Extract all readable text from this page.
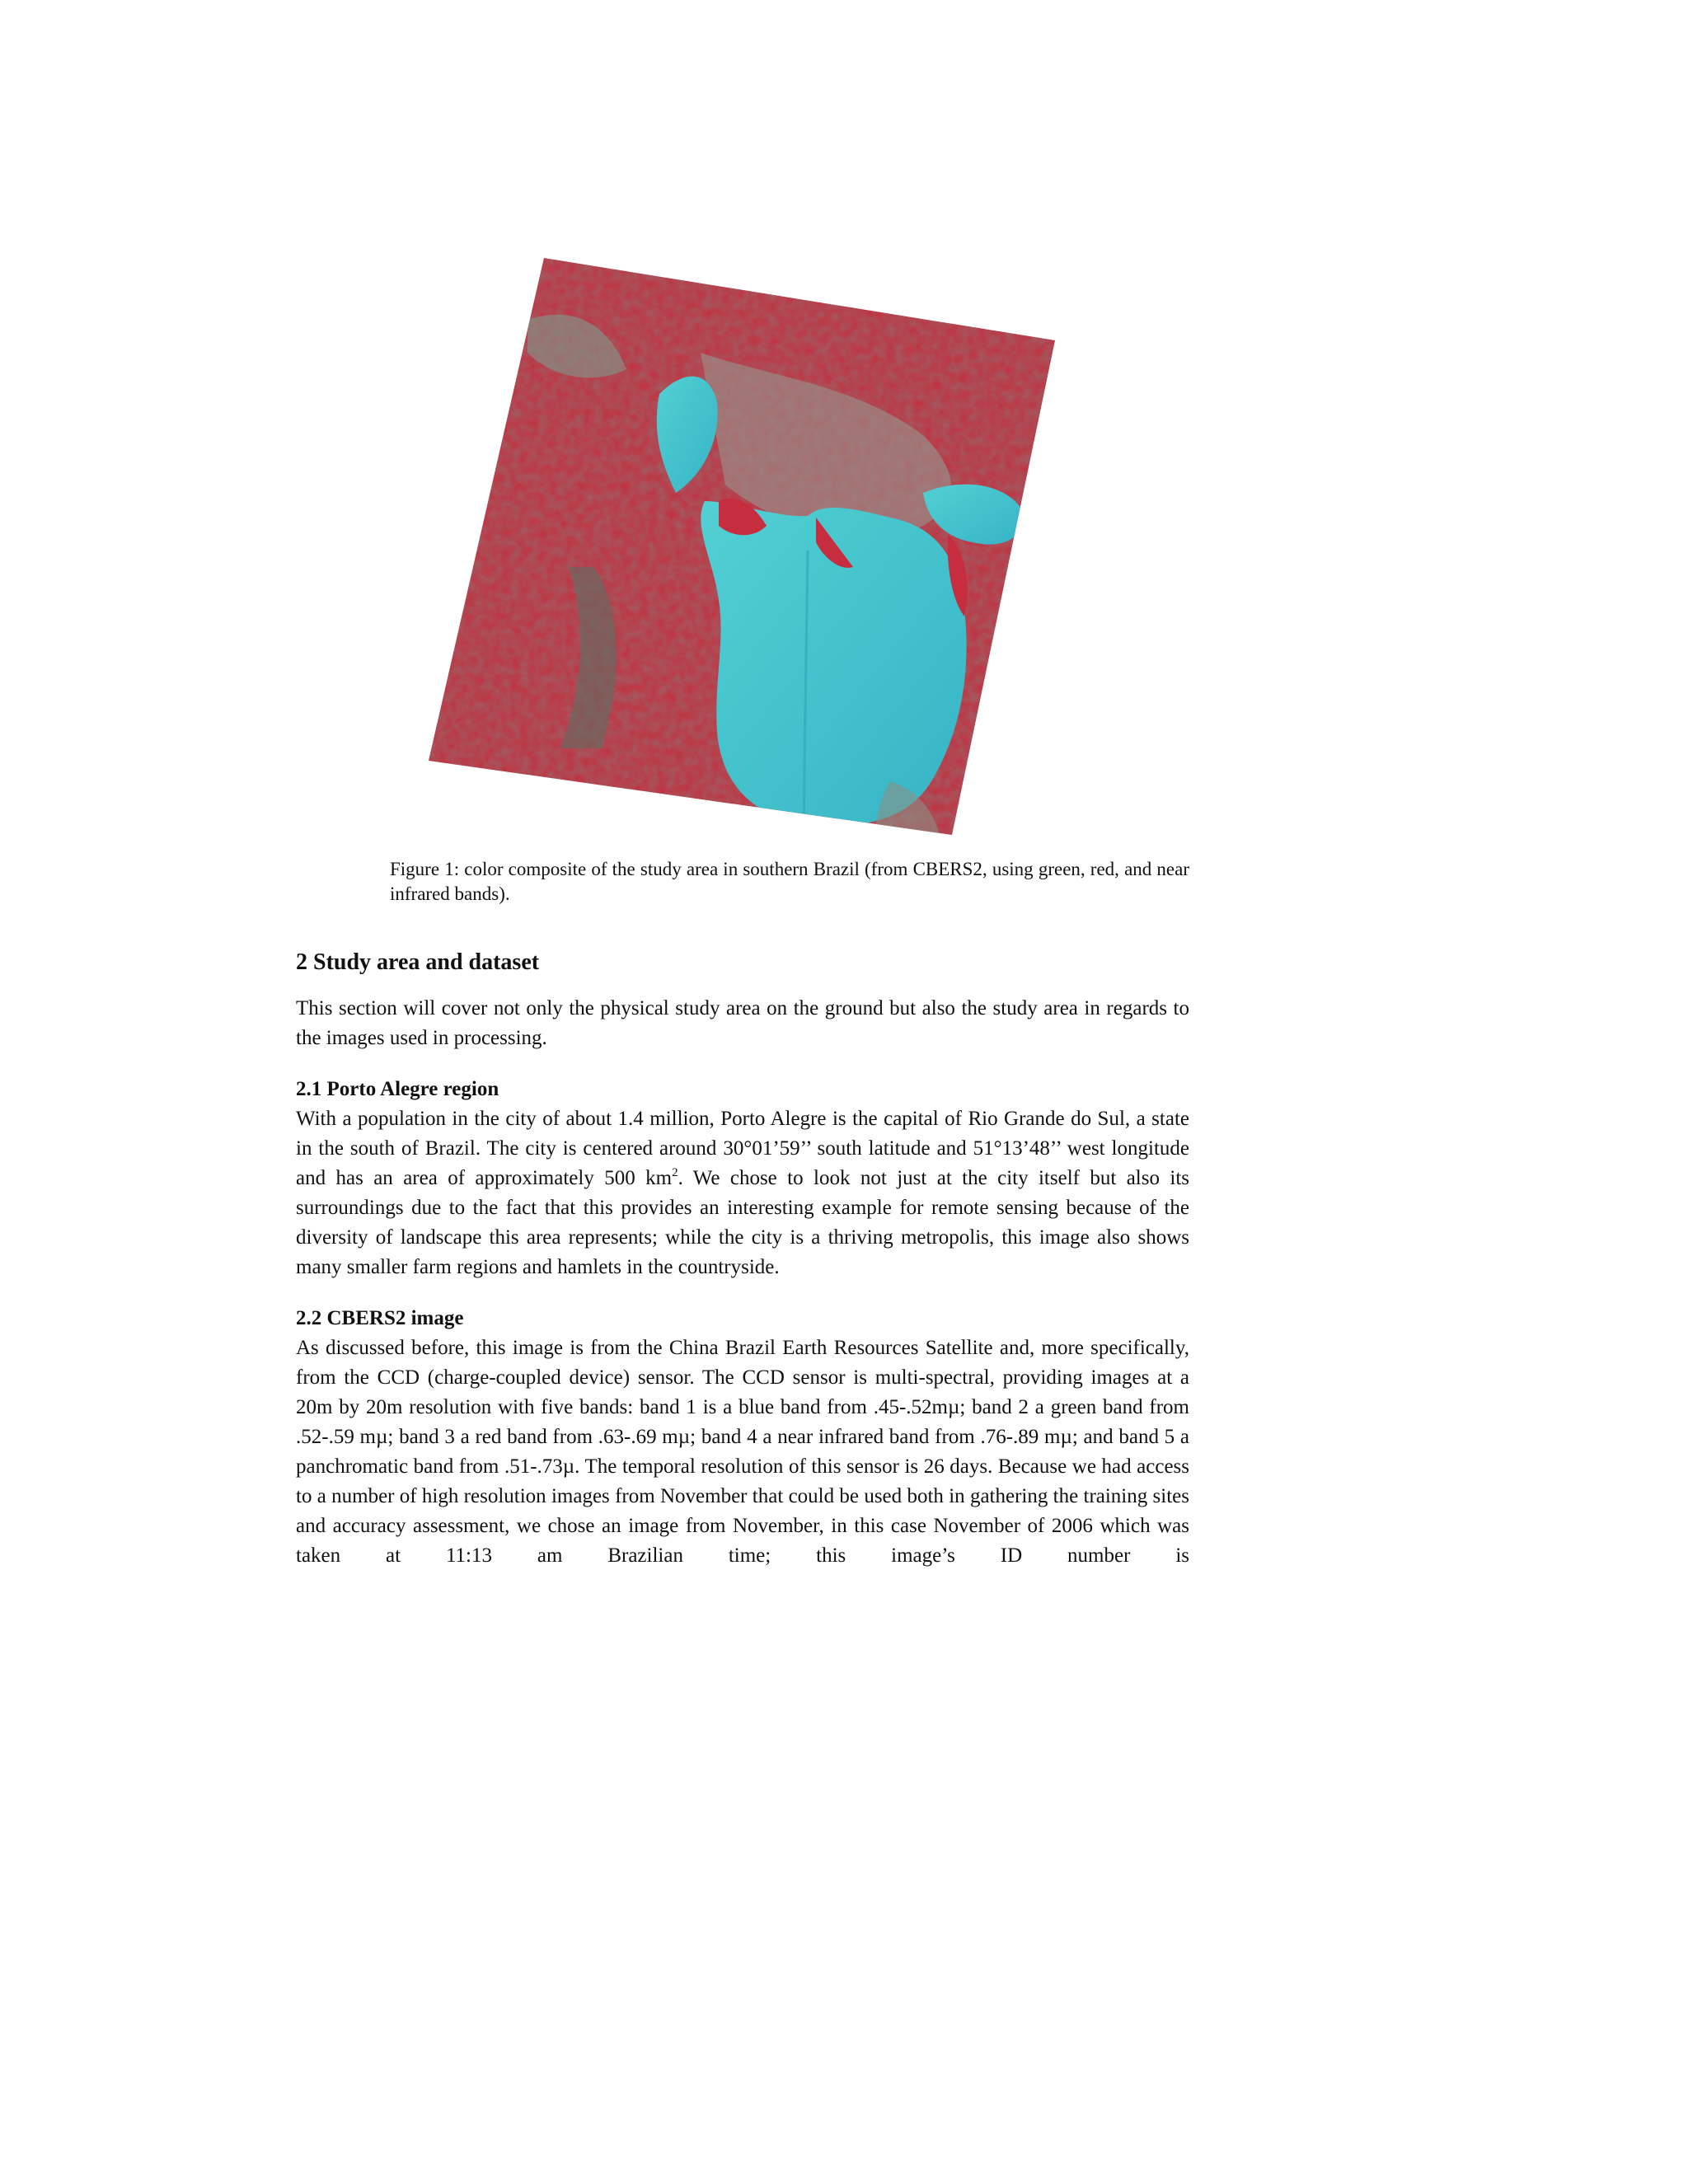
Figure 1: color composite of the study area in southern Brazil (from CBERS2, using green, red, and near infrared bands).
2 Study area and dataset

This section will cover not only the physical study area on the ground but also the study area in regards to the images used in processing.

2.1 Porto Alegre region

With a population in the city of about 1.4 million, Porto Alegre is the capital of Rio Grande do Sul, a state in the south of Brazil. The city is centered around 30°01’59’’ south latitude and 51°13’48’’ west longitude and has an area of approximately 500 $km^2$. We chose to look not just at the city itself but also its surroundings due to the fact that this provides an interesting example for remote sensing because of the diversity of landscape this area represents; while the city is a thriving metropolis, this image also shows many smaller farm regions and hamlets in the countryside.

2.2 CBERS2 image

As discussed before, this image is from the China Brazil Earth Resources Satellite and, more specifically, from the CCD (charge-coupled device) sensor. The CCD sensor is multi-spectral, providing images at a 20m by 20m resolution with five bands: band 1 is a blue band from .45-.52mµ; band 2 a green band from .52-.59 mµ; band 3 a red band from .63-.69 mµ; band 4 a near infrared band from .76-.89 mµ; and band 5 a panchromatic band from .51-.73µ. The temporal resolution of this sensor is 26 days. Because we had access to a number of high resolution images from November that could be used both in gathering the training sites and accuracy assessment, we chose an image from November, in this case November of 2006 which was taken at 11:13 am Brazilian time; this image’s ID number is
